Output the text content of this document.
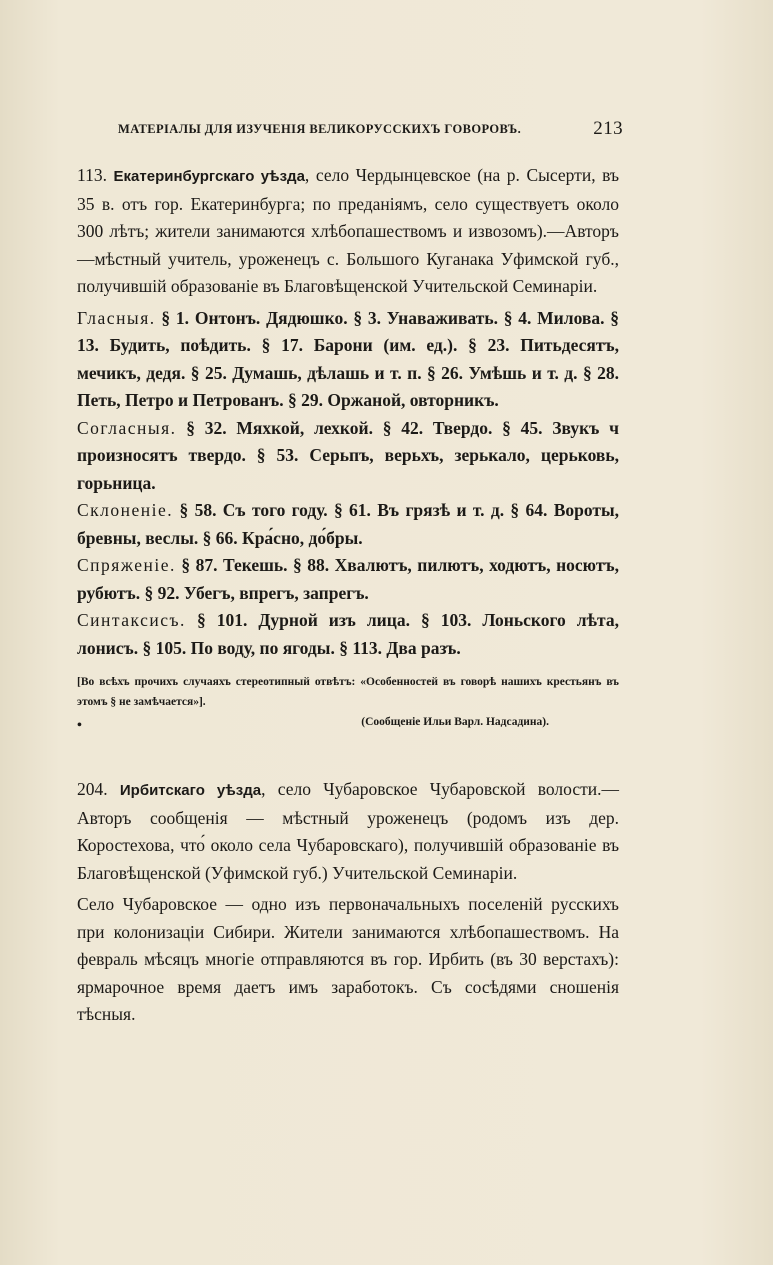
МАТЕРІАЛЫ ДЛЯ ИЗУЧЕНІЯ ВЕЛИКОРУССКИХЪ ГОВОРОВЪ.	213

113. Екатеринбургскаго уѣзда, село Чердынцевское (на р. Сысерти, въ 35 в. отъ гор. Екатеринбурга; по преданіямъ, село существуетъ около 300 лѣтъ; жители занимаются хлѣбопашествомъ и извозомъ).—Авторъ—мѣстный учитель, уроженецъ с. Большого Куганака Уфимской губ., получившій образованіе въ Благовѣщенской Учительской Семинаріи.

Гласныя. § 1. Онтонъ. Дядюшко. § 3. Унаваживать. § 4. Милова. § 13. Будить, поѣдить. § 17. Барони (им. ед.). § 23. Питьдесятъ, мечикъ, дедя. § 25. Думашь, дѣлашь и т. п. § 26. Умѣшь и т. д. § 28. Петь, Петро и Петрованъ. § 29. Оржаной, овторникъ.

Согласныя. § 32. Мяхкой, лехкой. § 42. Твердо. § 45. Звукъ ч произносятъ твердо. § 53. Серьпъ, верьхъ, зерькало, церьковь, горьница.

Склоненіе. § 58. Съ того году. § 61. Въ грязѣ и т. д. § 64. Вороты, бревны, веслы. § 66. Кра́сно, до́бры.

Спряженіе. § 87. Текешь. § 88. Хвалютъ, пилютъ, ходютъ, носютъ, рубютъ. § 92. Убегъ, впрегъ, запрегъ.

Синтаксисъ. § 101. Дурной изъ лица. § 103. Лоньского лѣта, лонисъ. § 105. По воду, по ягоды. § 113. Два разъ.

[Во всѣхъ прочихъ случаяхъ стереотипный отвѣтъ: «Особенностей въ говорѣ нашихъ крестьянъ въ этомъ § не замѣчается»].
•	(Сообщеніе Ильи Варл. Надсадина).

204. Ирбитскаго уѣзда, село Чубаровское Чубаровской волости.—Авторъ сообщенія — мѣстный уроженецъ (родомъ изъ дер. Коростехова, что́ около села Чубаровскаго), получившій образованіе въ Благовѣщенской (Уфимской губ.) Учительской Семинаріи.

Село Чубаровское — одно изъ первоначальныхъ поселеній русскихъ при колонизаціи Сибири. Жители занимаются хлѣбопашествомъ. На февраль мѣсяцъ многіе отправляются въ гор. Ирбить (въ 30 верстахъ): ярмарочное время даетъ имъ заработокъ. Съ сосѣдями сношенія тѣсныя.
